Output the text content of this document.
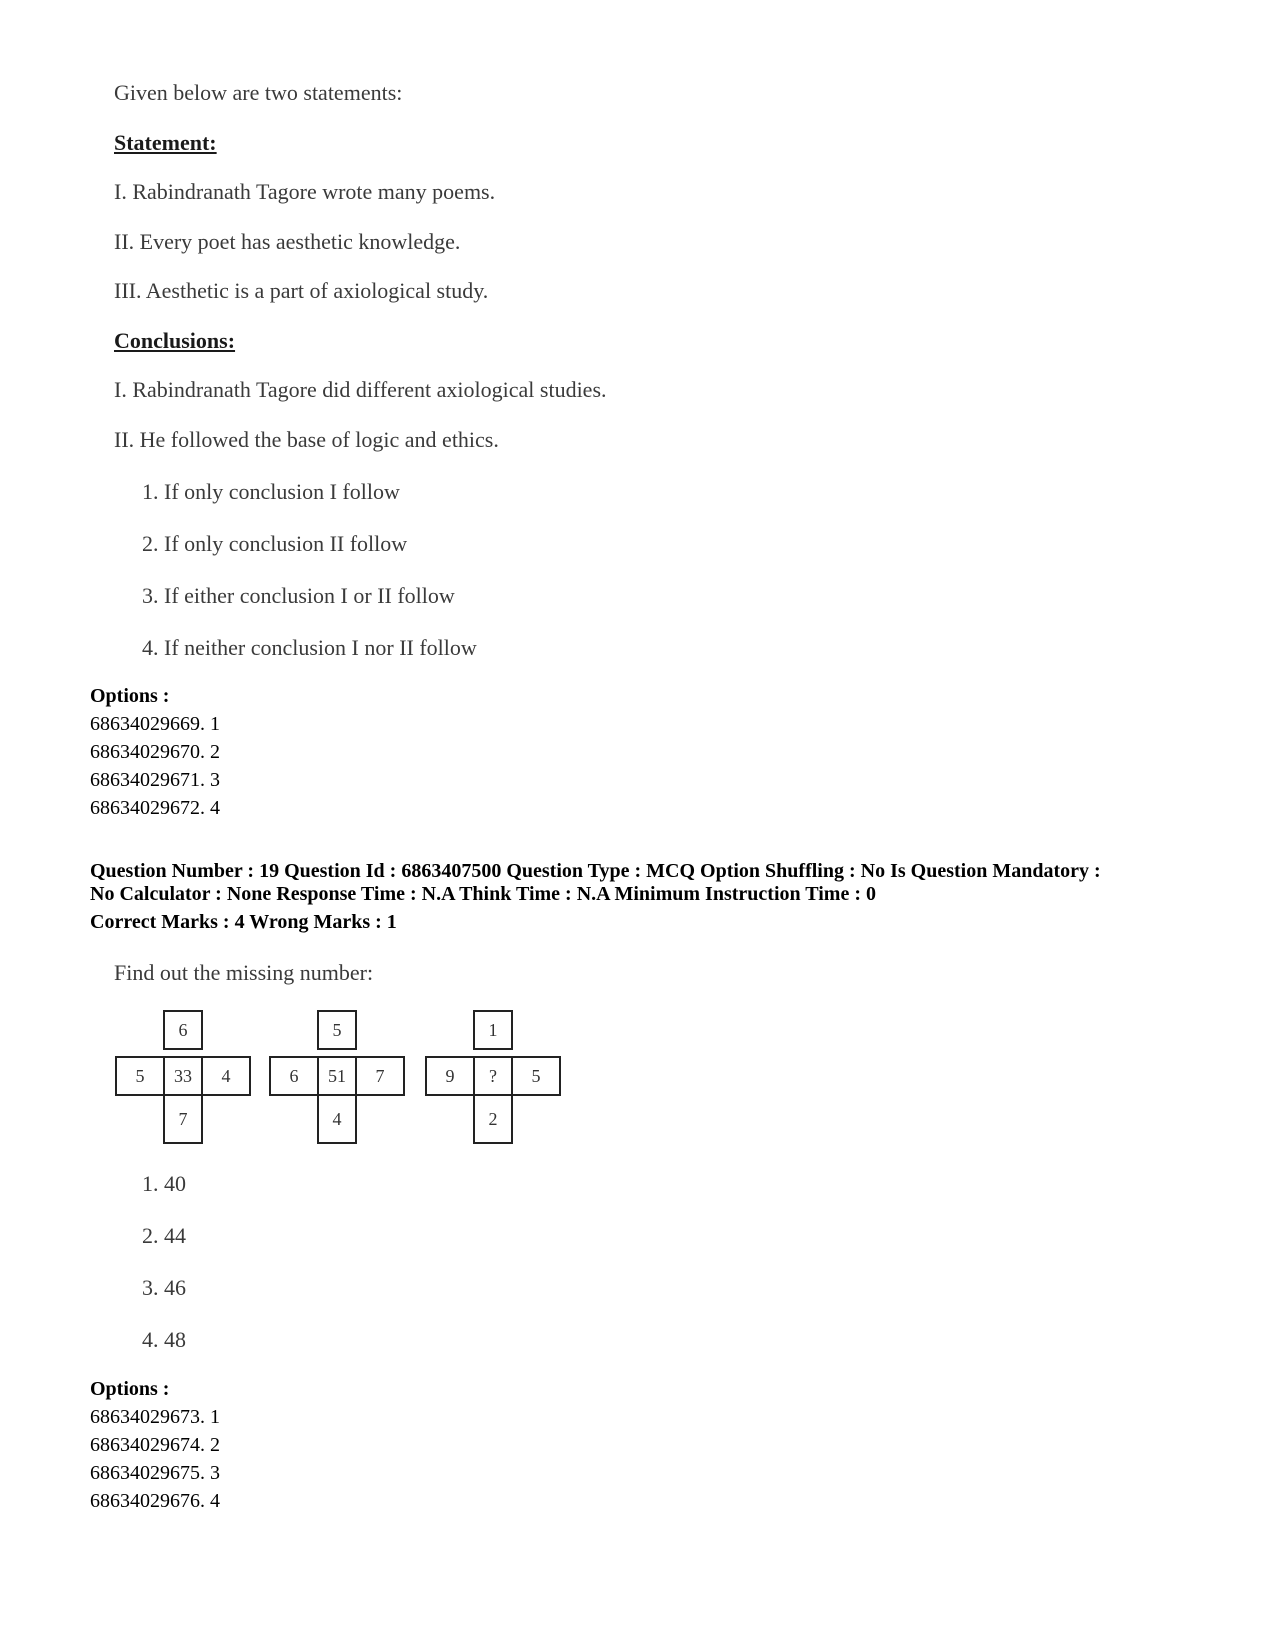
Given below are two statements:
Statement:
I. Rabindranath Tagore wrote many poems.
II. Every poet has aesthetic knowledge.
III. Aesthetic is a part of axiological study.
Conclusions:
I. Rabindranath Tagore did different axiological studies.
II. He followed the base of logic and ethics.
1. If only conclusion I follow
2. If only conclusion II follow
3. If either conclusion I or II follow
4. If neither conclusion I nor II follow
Options :
68634029669. 1
68634029670. 2
68634029671. 3
68634029672. 4
Question Number : 19 Question Id : 6863407500 Question Type : MCQ Option Shuffling : No Is Question Mandatory :
No Calculator : None Response Time : N.A Think Time : N.A Minimum Instruction Time : 0
Correct Marks : 4 Wrong Marks : 1
Find out the missing number:
6
5	33	4
7
5
6	51	7
4
1
9	?	5
2
1. 40
2. 44
3. 46
4. 48
Options :
68634029673. 1
68634029674. 2
68634029675. 3
68634029676. 4
